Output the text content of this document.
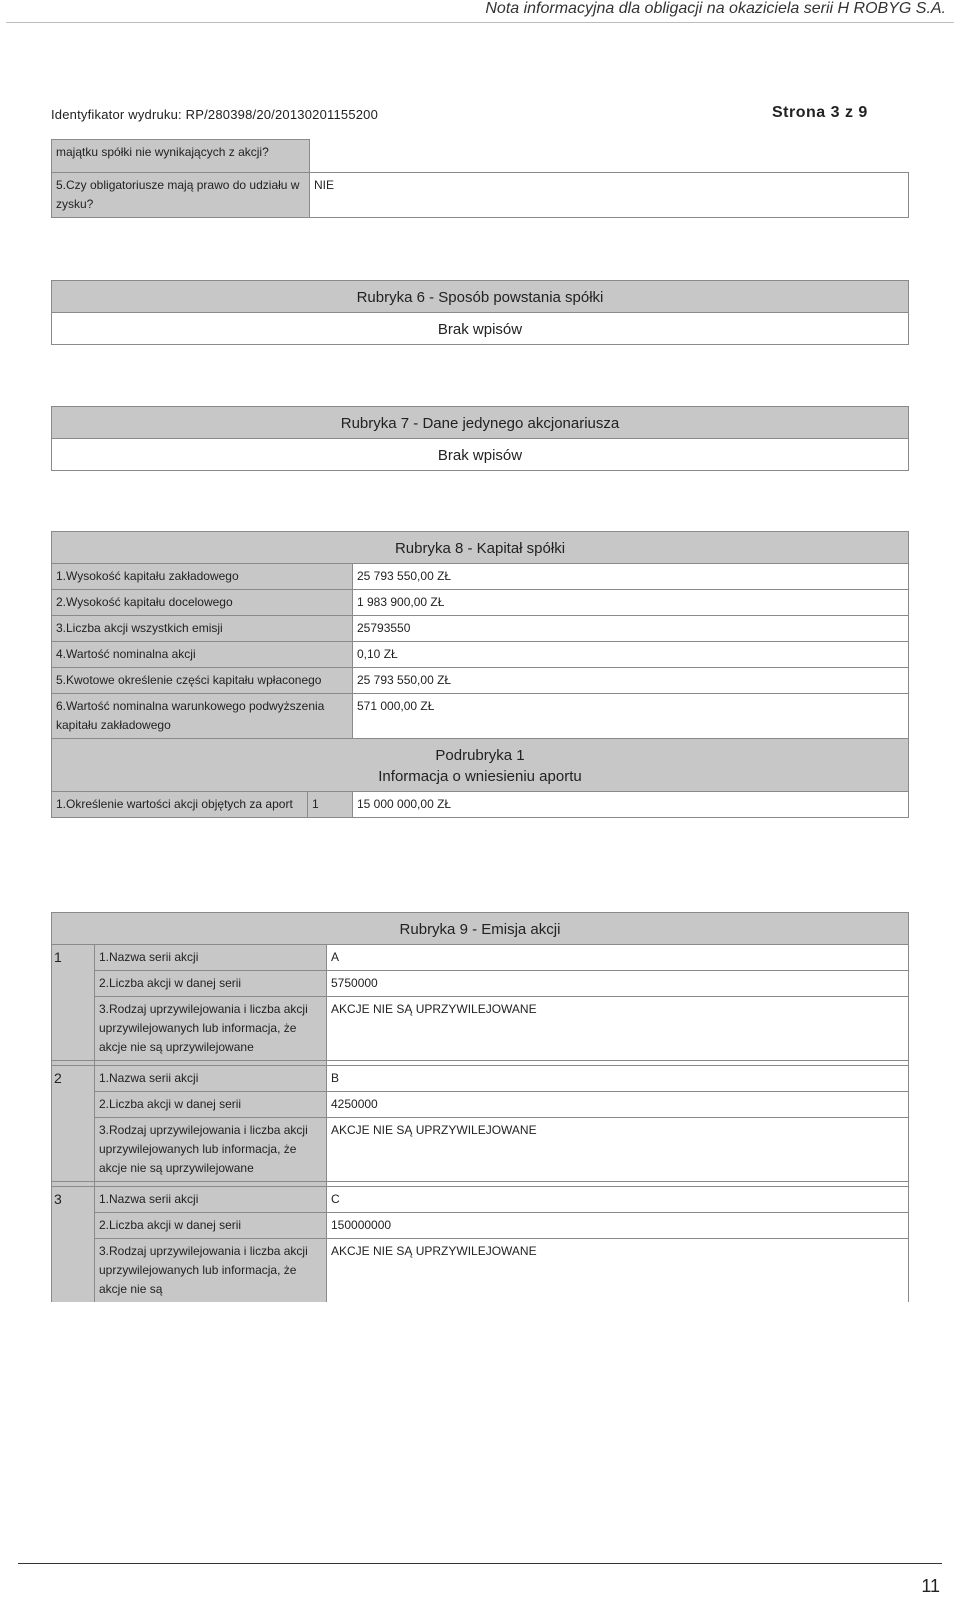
Nota informacyjna dla obligacji na okaziciela serii H ROBYG S.A.
Identyfikator wydruku: RP/280398/20/20130201155200	Strona 3 z 9
majątku spółki nie wynikających z akcji?	
5.Czy obligatoriusze mają prawo do udziału w zysku?	NIE
Rubryka 6 - Sposób powstania spółki
Brak wpisów
Rubryka 7 - Dane jedynego akcjonariusza
Brak wpisów
Rubryka 8 - Kapitał spółki		
1.Wysokość kapitału zakładowego		25 793 550,00 ZŁ
2.Wysokość kapitału docelowego		1 983 900,00 ZŁ
3.Liczba akcji wszystkich emisji		25793550
4.Wartość nominalna akcji		0,10 ZŁ
5.Kwotowe określenie części kapitału wpłaconego		25 793 550,00 ZŁ
6.Wartość nominalna warunkowego podwyższenia kapitału zakładowego		571 000,00 ZŁ

Podrubryka 1
Informacja o wniesieniu aportu		

1.Określenie wartości akcji objętych za aport	1	15 000 000,00 ZŁ
Rubryka 9 - Emisja akcji		
1	1.Nazwa serii akcji	A
	2.Liczba akcji w danej serii	5750000
	3.Rodzaj uprzywilejowania i liczba akcji uprzywilejowanych lub informacja, że akcje nie są uprzywilejowane	AKCJE NIE SĄ UPRZYWILEJOWANE

2	1.Nazwa serii akcji	B
	2.Liczba akcji w danej serii	4250000
	3.Rodzaj uprzywilejowania i liczba akcji uprzywilejowanych lub informacja, że akcje nie są uprzywilejowane	AKCJE NIE SĄ UPRZYWILEJOWANE

3	1.Nazwa serii akcji	C
	2.Liczba akcji w danej serii	150000000
	3.Rodzaj uprzywilejowania i liczba akcji uprzywilejowanych lub informacja, że akcje nie są	AKCJE NIE SĄ UPRZYWILEJOWANE
11
